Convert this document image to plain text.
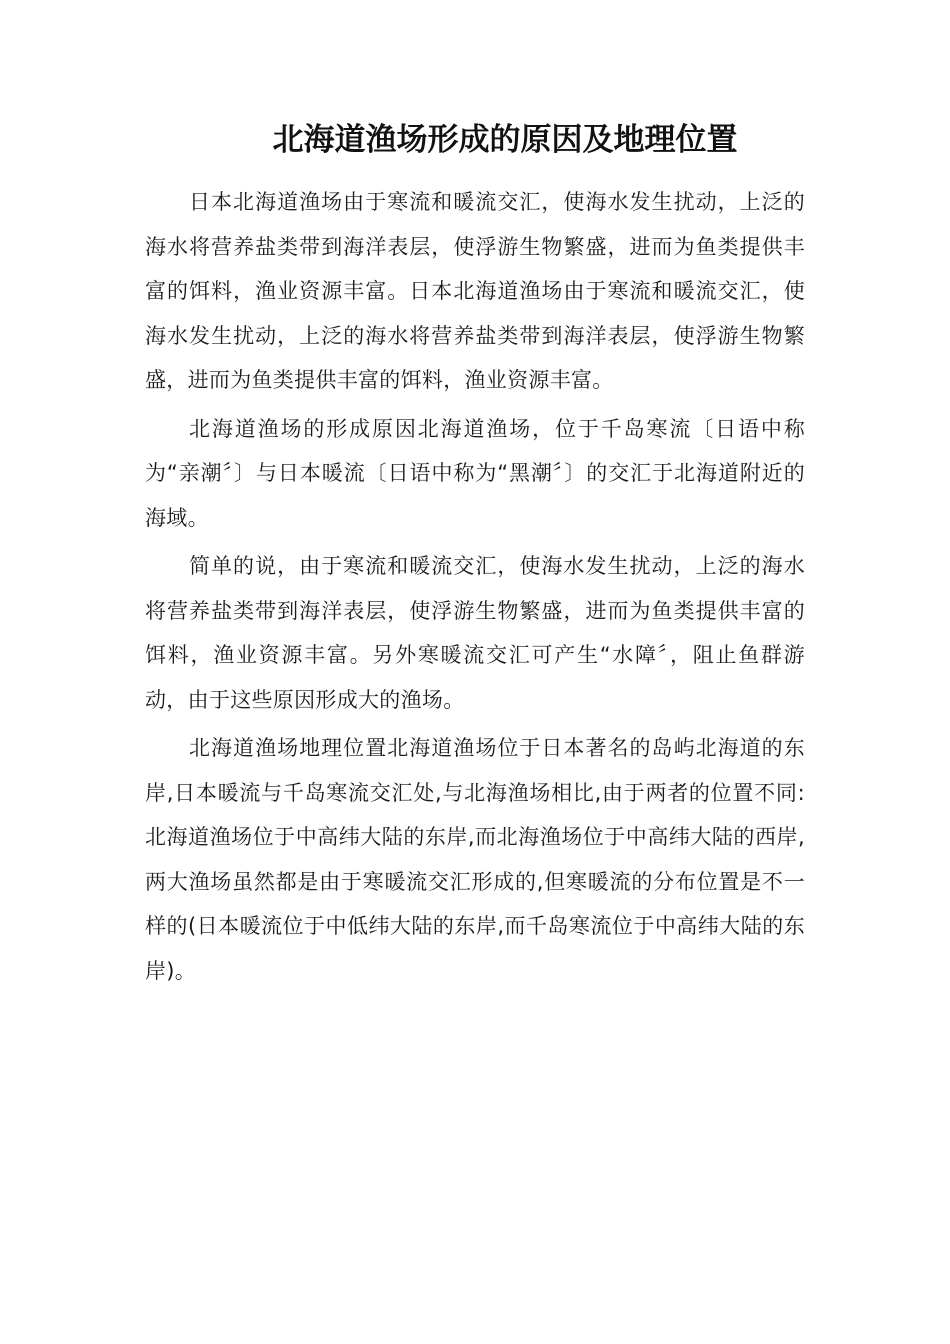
北海道渔场形成的原因及地理位置

日本北海道渔场由于寒流和暖流交汇，使海水发生扰动，上泛的海水将营养盐类带到海洋表层，使浮游生物繁盛，进而为鱼类提供丰富的饵料，渔业资源丰富。日本北海道渔场由于寒流和暖流交汇，使海水发生扰动，上泛的海水将营养盐类带到海洋表层，使浮游生物繁盛，进而为鱼类提供丰富的饵料，渔业资源丰富。

北海道渔场的形成原因北海道渔场，位于千岛寒流〔日语中称为“亲潮〞〕与日本暖流〔日语中称为“黑潮〞〕的交汇于北海道附近的海域。

简单的说，由于寒流和暖流交汇，使海水发生扰动，上泛的海水将营养盐类带到海洋表层，使浮游生物繁盛，进而为鱼类提供丰富的饵料，渔业资源丰富。另外寒暖流交汇可产生“水障〞，阻止鱼群游动，由于这些原因形成大的渔场。

北海道渔场地理位置北海道渔场位于日本著名的岛屿北海道的东岸,日本暖流与千岛寒流交汇处,与北海渔场相比,由于两者的位置不同:北海道渔场位于中高纬大陆的东岸,而北海渔场位于中高纬大陆的西岸,两大渔场虽然都是由于寒暖流交汇形成的,但寒暖流的分布位置是不一样的(日本暖流位于中低纬大陆的东岸,而千岛寒流位于中高纬大陆的东岸)。
